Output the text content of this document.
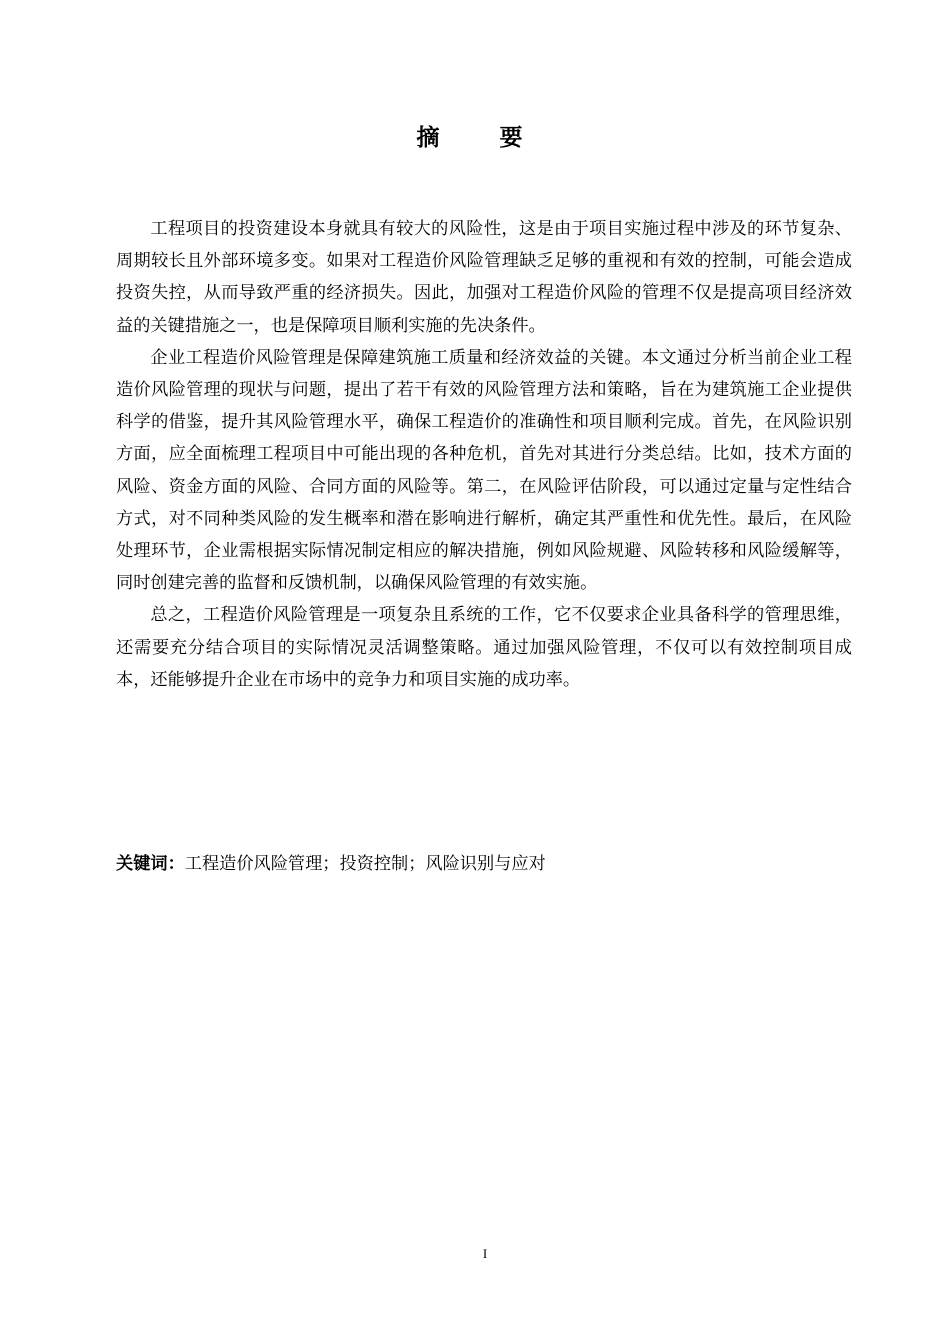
摘 要

工程项目的投资建设本身就具有较大的风险性，这是由于项目实施过程中涉及的环节复杂、周期较长且外部环境多变。如果对工程造价风险管理缺乏足够的重视和有效的控制，可能会造成投资失控，从而导致严重的经济损失。因此，加强对工程造价风险的管理不仅是提高项目经济效益的关键措施之一，也是保障项目顺利实施的先决条件。

企业工程造价风险管理是保障建筑施工质量和经济效益的关键。本文通过分析当前企业工程造价风险管理的现状与问题，提出了若干有效的风险管理方法和策略，旨在为建筑施工企业提供科学的借鉴，提升其风险管理水平，确保工程造价的准确性和项目顺利完成。首先，在风险识别方面，应全面梳理工程项目中可能出现的各种危机，首先对其进行分类总结。比如，技术方面的风险、资金方面的风险、合同方面的风险等。第二，在风险评估阶段，可以通过定量与定性结合方式，对不同种类风险的发生概率和潜在影响进行解析，确定其严重性和优先性。最后，在风险处理环节，企业需根据实际情况制定相应的解决措施，例如风险规避、风险转移和风险缓解等，同时创建完善的监督和反馈机制，以确保风险管理的有效实施。

总之，工程造价风险管理是一项复杂且系统的工作，它不仅要求企业具备科学的管理思维，还需要充分结合项目的实际情况灵活调整策略。通过加强风险管理，不仅可以有效控制项目成本，还能够提升企业在市场中的竞争力和项目实施的成功率。

关键词：工程造价风险管理；投资控制；风险识别与应对

I
